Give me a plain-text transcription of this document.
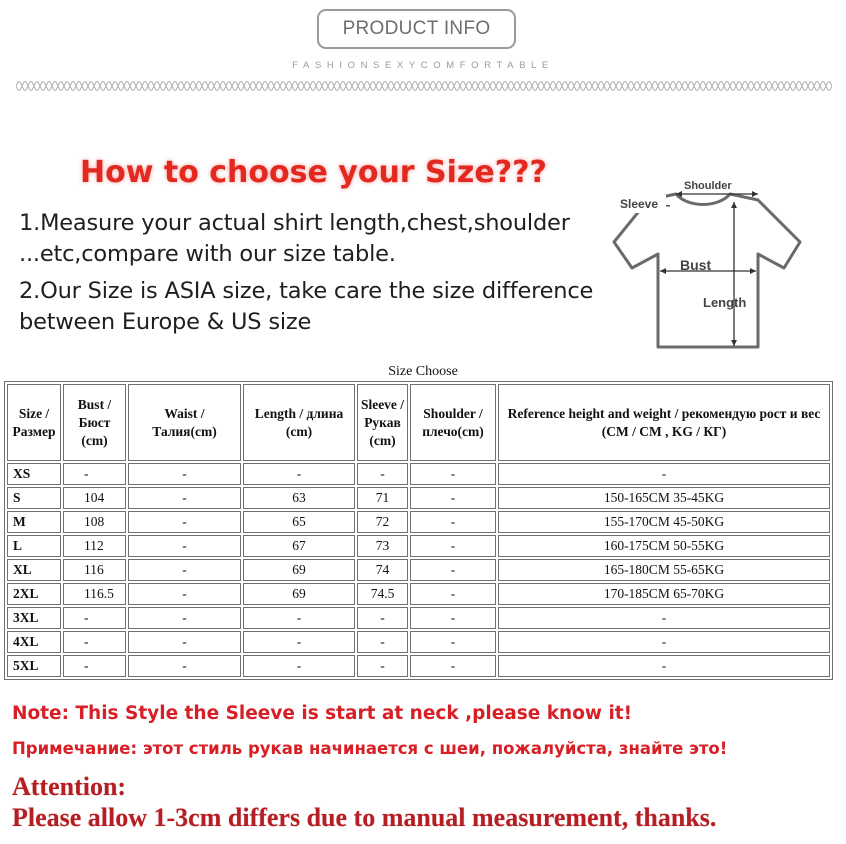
PRODUCT INFO
FASHIONSEXYCOMFORTABLE
How to choose your Size???
1.Measure your actual shirt length,chest,shoulder
...etc,compare with our size table.
2.Our Size is ASIA size, take care the size difference
between Europe & US size
Shoulder
Sleeve
Bust
Length
Size Choose
Size / Размер	Bust / Бюст (cm)	Waist / Талия(cm)	Length / длина (cm)	Sleeve / Рукав (cm)	Shoulder / плечо(cm)	Reference height and weight / рекомендую рост и вес (CM / CM , KG / КГ)
XS	-	-	-	-	-	-
S	104	-	63	71	-	150-165CM 35-45KG
M	108	-	65	72	-	155-170CM 45-50KG
L	112	-	67	73	-	160-175CM 50-55KG
XL	116	-	69	74	-	165-180CM 55-65KG
2XL	116.5	-	69	74.5	-	170-185CM 65-70KG
3XL	-	-	-	-	-	-
4XL	-	-	-	-	-	-
5XL	-	-	-	-	-	-

Note: This Style the Sleeve is start at neck ,please know it!

Примечание: этот стиль рукав начинается с шеи, пожалуйста, знайте это!

Attention:

Please allow 1-3cm differs due to manual measurement, thanks.
